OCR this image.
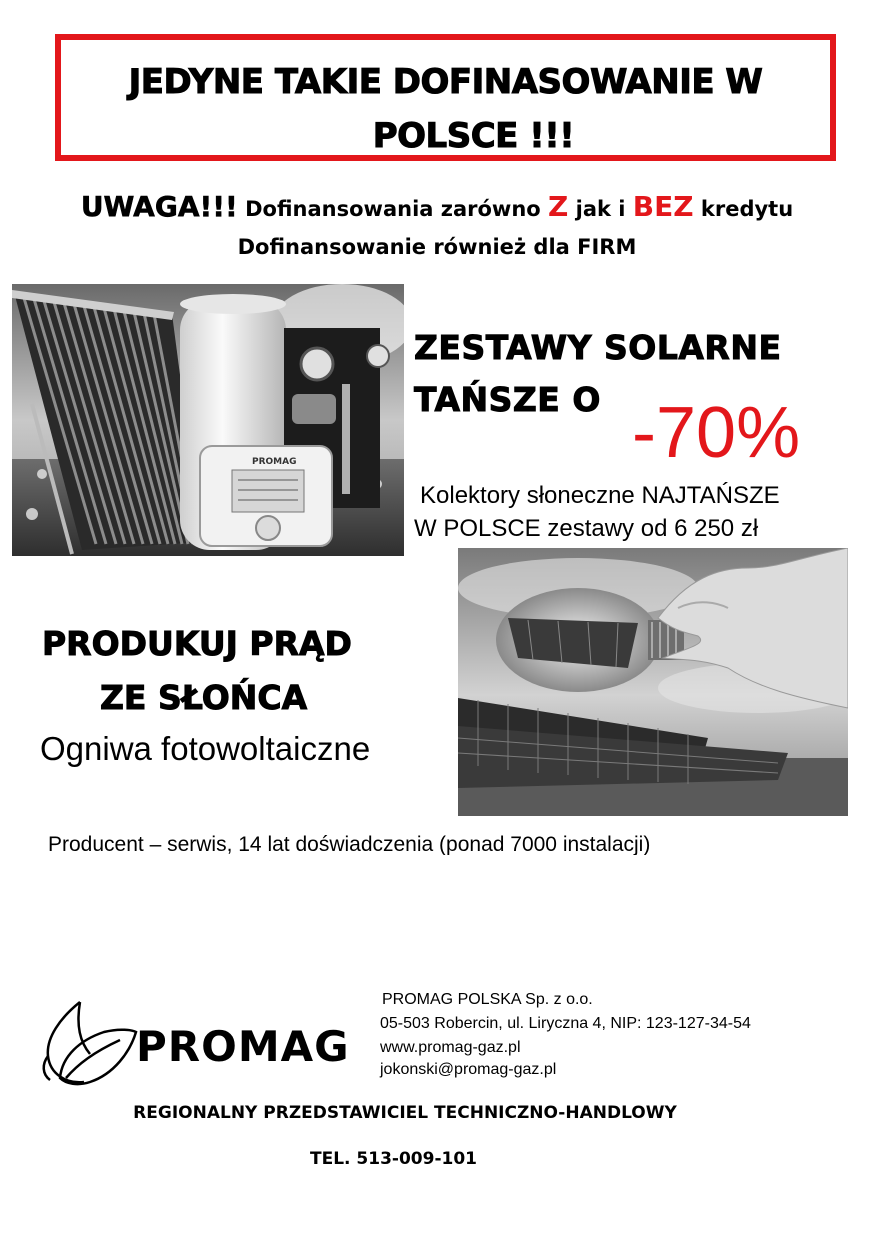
JEDYNE TAKIE DOFINASOWANIE W
POLSCE !!!
UWAGA!!! Dofinansowania zarówno Z jak i BEZ kredytu
Dofinansowanie również dla FIRM
PROMAG
ZESTAWY SOLARNE
TAŃSZE O -70%
Kolektory słoneczne NAJTAŃSZE
W POLSCE zestawy od 6 250 zł
PRODUKUJ PRĄD
ZE SŁOŃCA
Ogniwa fotowoltaiczne
Producent – serwis, 14 lat doświadczenia (ponad 7000 instalacji)
PROMAG
PROMAG POLSKA Sp. z o.o.
05-503 Robercin, ul. Liryczna 4, NIP: 123-127-34-54
www.promag-gaz.pl
jokonski@promag-gaz.pl
REGIONALNY PRZEDSTAWICIEL TECHNICZNO-HANDLOWY
TEL. 513-009-101
